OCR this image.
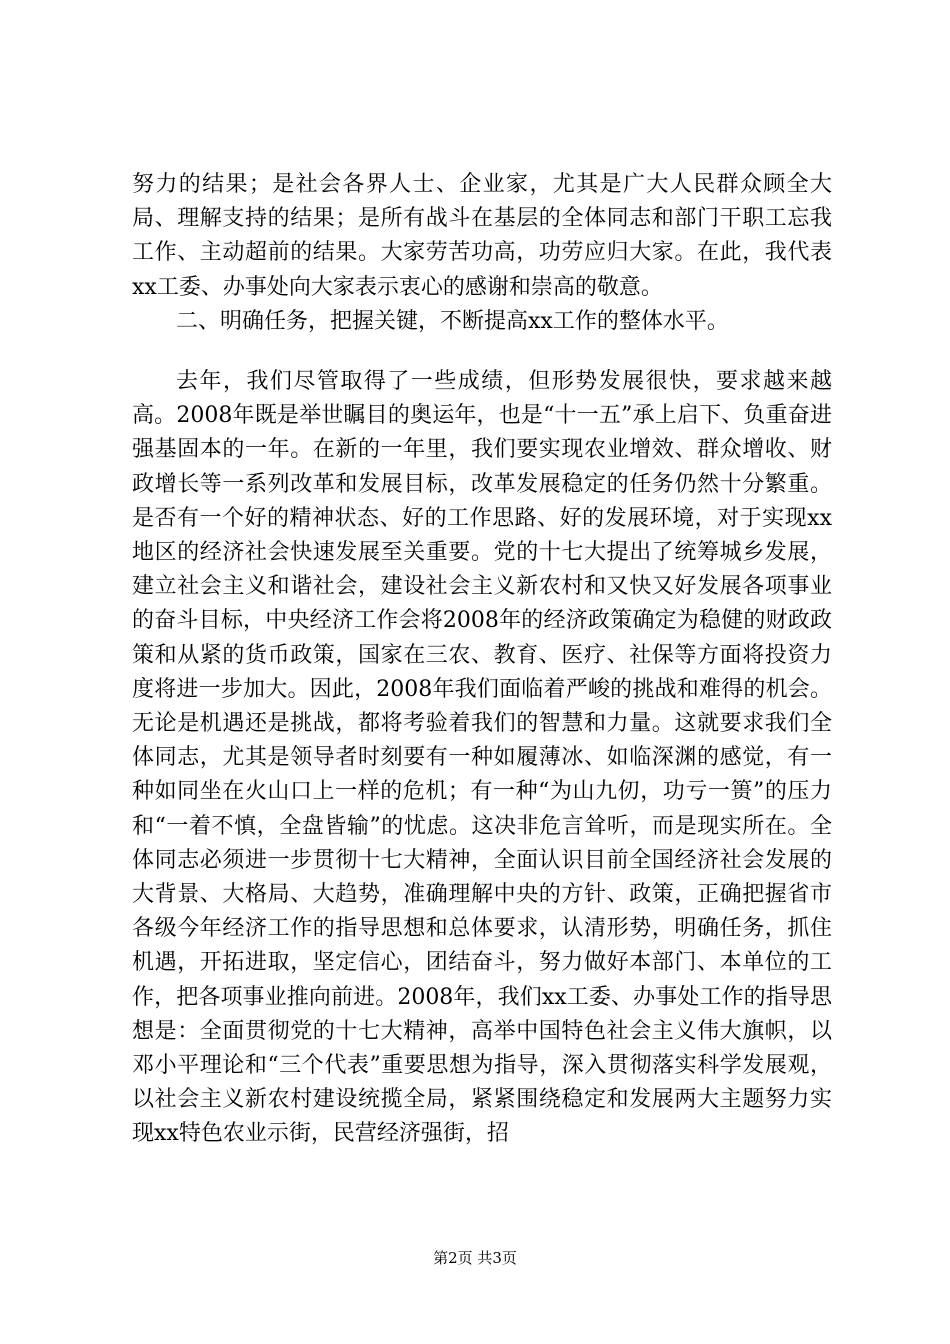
努力的结果；是社会各界人士、企业家，尤其是广大人民群众顾全大局、理解支持的结果；是所有战斗在基层的全体同志和部门干职工忘我工作、主动超前的结果。大家劳苦功高，功劳应归大家。在此，我代表xx工委、办事处向大家表示衷心的感谢和崇高的敬意。

二、明确任务，把握关键，不断提高xx工作的整体水平。

去年，我们尽管取得了一些成绩，但形势发展很快，要求越来越高。2008年既是举世瞩目的奥运年，也是“十一五”承上启下、负重奋进强基固本的一年。在新的一年里，我们要实现农业增效、群众增收、财政增长等一系列改革和发展目标，改革发展稳定的任务仍然十分繁重。是否有一个好的精神状态、好的工作思路、好的发展环境，对于实现xx地区的经济社会快速发展至关重要。党的十七大提出了统筹城乡发展，建立社会主义和谐社会，建设社会主义新农村和又快又好发展各项事业的奋斗目标，中央经济工作会将2008年的经济政策确定为稳健的财政政策和从紧的货币政策，国家在三农、教育、医疗、社保等方面将投资力度将进一步加大。因此，2008年我们面临着严峻的挑战和难得的机会。无论是机遇还是挑战，都将考验着我们的智慧和力量。这就要求我们全体同志，尤其是领导者时刻要有一种如履薄冰、如临深渊的感觉，有一种如同坐在火山口上一样的危机；有一种“为山九仞，功亏一篑”的压力和“一着不慎，全盘皆输”的忧虑。这决非危言耸听，而是现实所在。全体同志必须进一步贯彻十七大精神，全面认识目前全国经济社会发展的大背景、大格局、大趋势，准确理解中央的方针、政策，正确把握省市各级今年经济工作的指导思想和总体要求，认清形势，明确任务，抓住机遇，开拓进取，坚定信心，团结奋斗，努力做好本部门、本单位的工作，把各项事业推向前进。2008年，我们xx工委、办事处工作的指导思想是：全面贯彻党的十七大精神，高举中国特色社会主义伟大旗帜，以邓小平理论和“三个代表”重要思想为指导，深入贯彻落实科学发展观，以社会主义新农村建设统揽全局，紧紧围绕稳定和发展两大主题努力实现xx特色农业示街，民营经济强街，招

第2页 共3页
